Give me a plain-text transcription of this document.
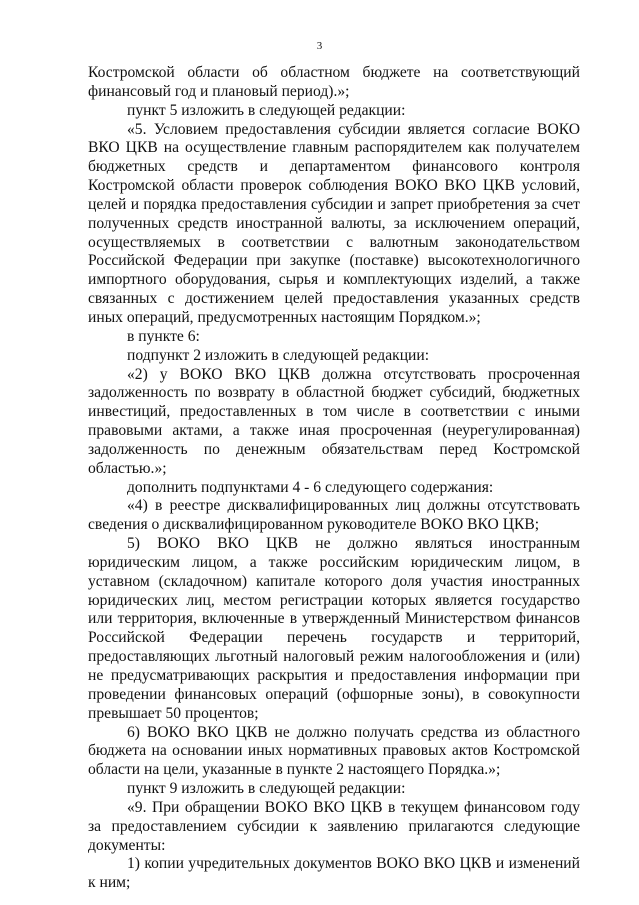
3

Костромской области об областном бюджете на соответствующий финансовый год и плановый период).»;

пункт 5 изложить в следующей редакции:

«5. Условием предоставления субсидии является согласие ВОКО ВКО ЦКВ на осуществление главным распорядителем как получателем бюджетных средств и департаментом финансового контроля Костромской области проверок соблюдения ВОКО ВКО ЦКВ условий, целей и порядка предоставления субсидии и запрет приобретения за счет полученных средств иностранной валюты, за исключением операций, осуществляемых в соответствии с валютным законодательством Российской Федерации при закупке (поставке) высокотехнологичного импортного оборудования, сырья и комплектующих изделий, а также связанных с достижением целей предоставления указанных средств иных операций, предусмотренных настоящим Порядком.»;

в пункте 6:

подпункт 2 изложить в следующей редакции:

«2) у ВОКО ВКО ЦКВ должна отсутствовать просроченная задолженность по возврату в областной бюджет субсидий, бюджетных инвестиций, предоставленных в том числе в соответствии с иными правовыми актами, а также иная просроченная (неурегулированная) задолженность по денежным обязательствам перед Костромской областью.»;

дополнить подпунктами 4 - 6 следующего содержания:

«4) в реестре дисквалифицированных лиц должны отсутствовать сведения о дисквалифицированном руководителе ВОКО ВКО ЦКВ;

5) ВОКО ВКО ЦКВ не должно являться иностранным юридическим лицом, а также российским юридическим лицом, в уставном (складочном) капитале которого доля участия иностранных юридических лиц, местом регистрации которых является государство или территория, включенные в утвержденный Министерством финансов Российской Федерации перечень государств и территорий, предоставляющих льготный налоговый режим налогообложения и (или) не предусматривающих раскрытия и предоставления информации при проведении финансовых операций (офшорные зоны), в совокупности превышает 50 процентов;

6) ВОКО ВКО ЦКВ не должно получать средства из областного бюджета на основании иных нормативных правовых актов Костромской области на цели, указанные в пункте 2 настоящего Порядка.»;

пункт 9 изложить в следующей редакции:

«9. При обращении ВОКО ВКО ЦКВ в текущем финансовом году за предоставлением субсидии к заявлению прилагаются следующие документы:

1) копии учредительных документов ВОКО ВКО ЦКВ и изменений к ним;
